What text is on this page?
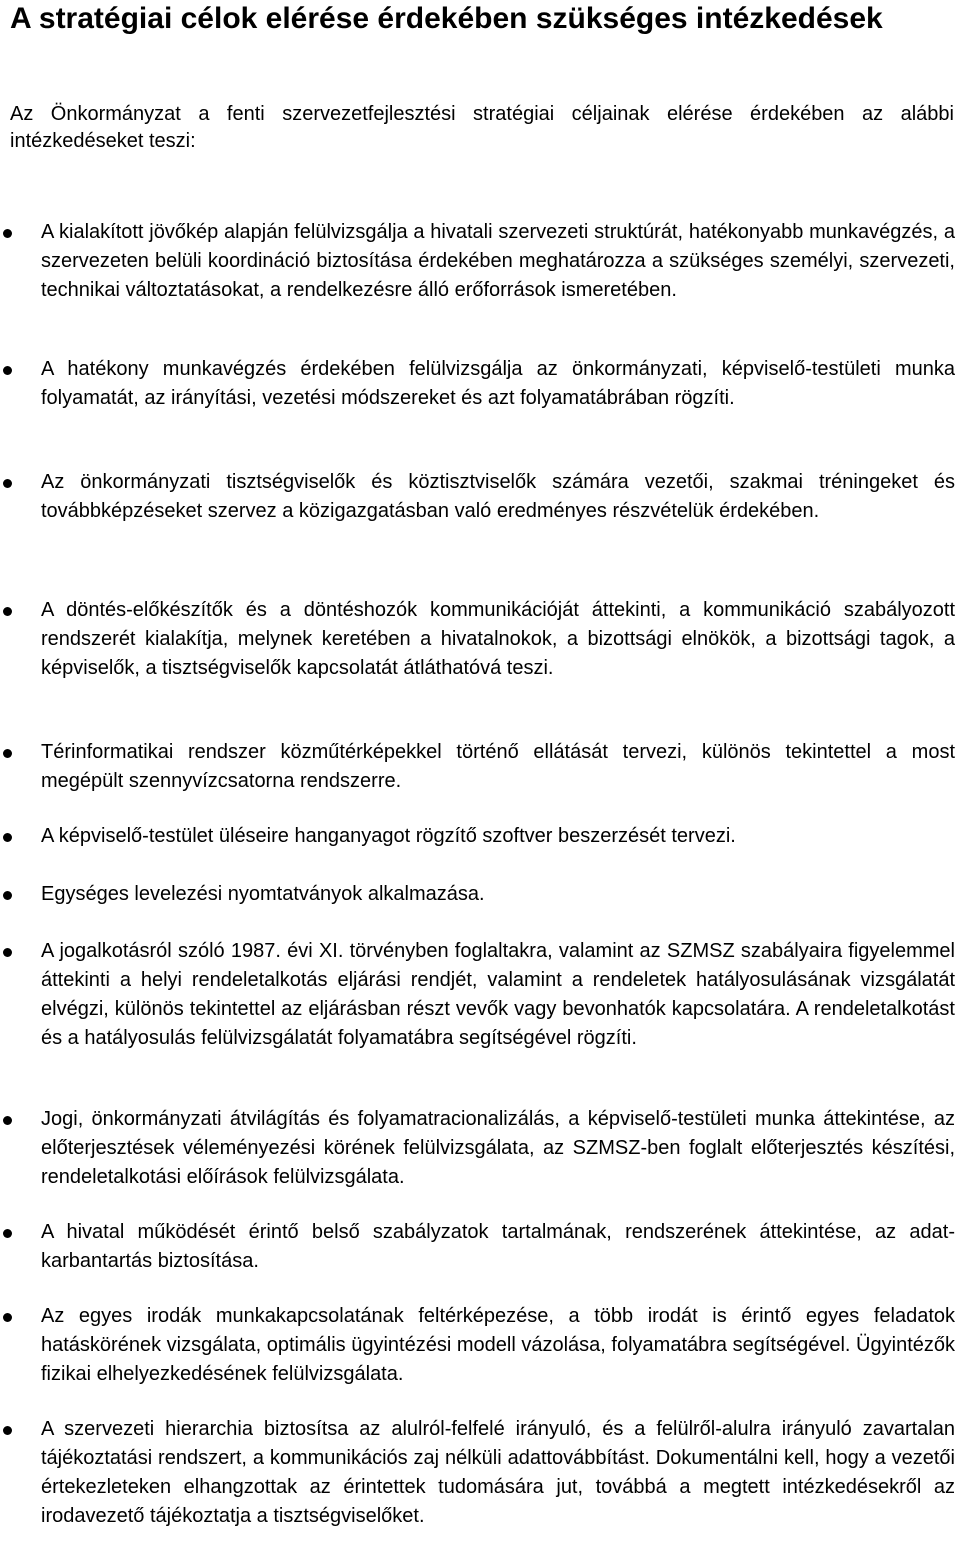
A stratégiai célok elérése érdekében szükséges intézkedések

Az Önkormányzat a fenti szervezetfejlesztési stratégiai céljainak elérése érdekében az alábbi intézkedéseket teszi:

A kialakított jövőkép alapján felülvizsgálja a hivatali szervezeti struktúrát, hatékonyabb munkavégzés, a szervezeten belüli koordináció biztosítása érdekében meghatározza a szükséges személyi, szervezeti, technikai változtatásokat, a rendelkezésre álló erőforrások ismeretében.

A hatékony munkavégzés érdekében felülvizsgálja az önkormányzati, képviselő-testületi munka folyamatát, az irányítási, vezetési módszereket és azt folyamatábrában rögzíti.

Az önkormányzati tisztségviselők és köztisztviselők számára vezetői, szakmai tréningeket és továbbképzéseket szervez a közigazgatásban való eredményes részvételük érdekében.

A döntés-előkészítők és a döntéshozók kommunikációját áttekinti, a kommunikáció szabályozott rendszerét kialakítja, melynek keretében a hivatalnokok, a bizottsági elnökök, a bizottsági tagok, a képviselők, a tisztségviselők kapcsolatát átláthatóvá teszi.

Térinformatikai rendszer közműtérképekkel történő ellátását tervezi, különös tekintettel a most megépült szennyvízcsatorna rendszerre.

A képviselő-testület üléseire hanganyagot rögzítő szoftver beszerzését tervezi.

Egységes levelezési nyomtatványok alkalmazása.

A jogalkotásról szóló 1987. évi XI. törvényben foglaltakra, valamint az SZMSZ szabályaira figyelemmel áttekinti a helyi rendeletalkotás eljárási rendjét, valamint a rendeletek hatályosulásának vizsgálatát elvégzi, különös tekintettel az eljárásban részt vevők vagy bevonhatók kapcsolatára. A rendeletalkotást és a hatályosulás felülvizsgálatát folyamatábra segítségével rögzíti.

Jogi, önkormányzati átvilágítás és folyamatracionalizálás, a képviselő-testületi munka áttekintése, az előterjesztések véleményezési körének felülvizsgálata, az SZMSZ-ben foglalt előterjesztés készítési, rendeletalkotási előírások felülvizsgálata.

A hivatal működését érintő belső szabályzatok tartalmának, rendszerének áttekintése, az adat-karbantartás biztosítása.

Az egyes irodák munkakapcsolatának feltérképezése, a több irodát is érintő egyes feladatok hatáskörének vizsgálata, optimális ügyintézési modell vázolása, folyamatábra segítségével. Ügyintézők fizikai elhelyezkedésének felülvizsgálata.

A szervezeti hierarchia biztosítsa az alulról-felfelé irányuló, és a felülről-alulra irányuló zavartalan tájékoztatási rendszert, a kommunikációs zaj nélküli adattovábbítást. Dokumentálni kell, hogy a vezetői értekezleteken elhangzottak az érintettek tudomására jut, továbbá a megtett intézkedésekről az irodavezető tájékoztatja a tisztségviselőket.
